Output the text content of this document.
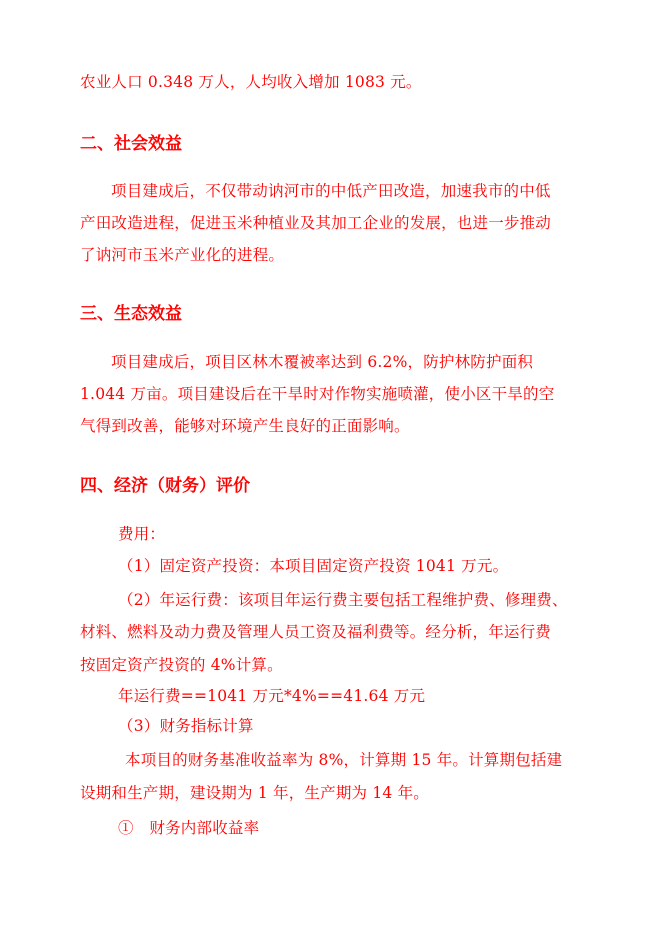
农业人口 0.348 万人，人均收入增加 1083 元。
二、社会效益
项目建成后，不仅带动讷河市的中低产田改造，加速我市的中低
产田改造进程，促进玉米种植业及其加工企业的发展，也进一步推动
了讷河市玉米产业化的进程。
三、生态效益
项目建成后，项目区林木覆被率达到 6.2%，防护林防护面积
1.044 万亩。项目建设后在干旱时对作物实施喷灌，使小区干旱的空
气得到改善，能够对环境产生良好的正面影响。
四、经济（财务）评价
费用：
（1）固定资产投资：本项目固定资产投资 1041 万元。
（2）年运行费：该项目年运行费主要包括工程维护费、修理费、
材料、燃料及动力费及管理人员工资及福利费等。经分析，年运行费
按固定资产投资的 4%计算。
年运行费==1041 万元*4%==41.64 万元
（3）财务指标计算
本项目的财务基准收益率为 8%，计算期 15 年。计算期包括建
设期和生产期，建设期为 1 年，生产期为 14 年。
①　财务内部收益率
